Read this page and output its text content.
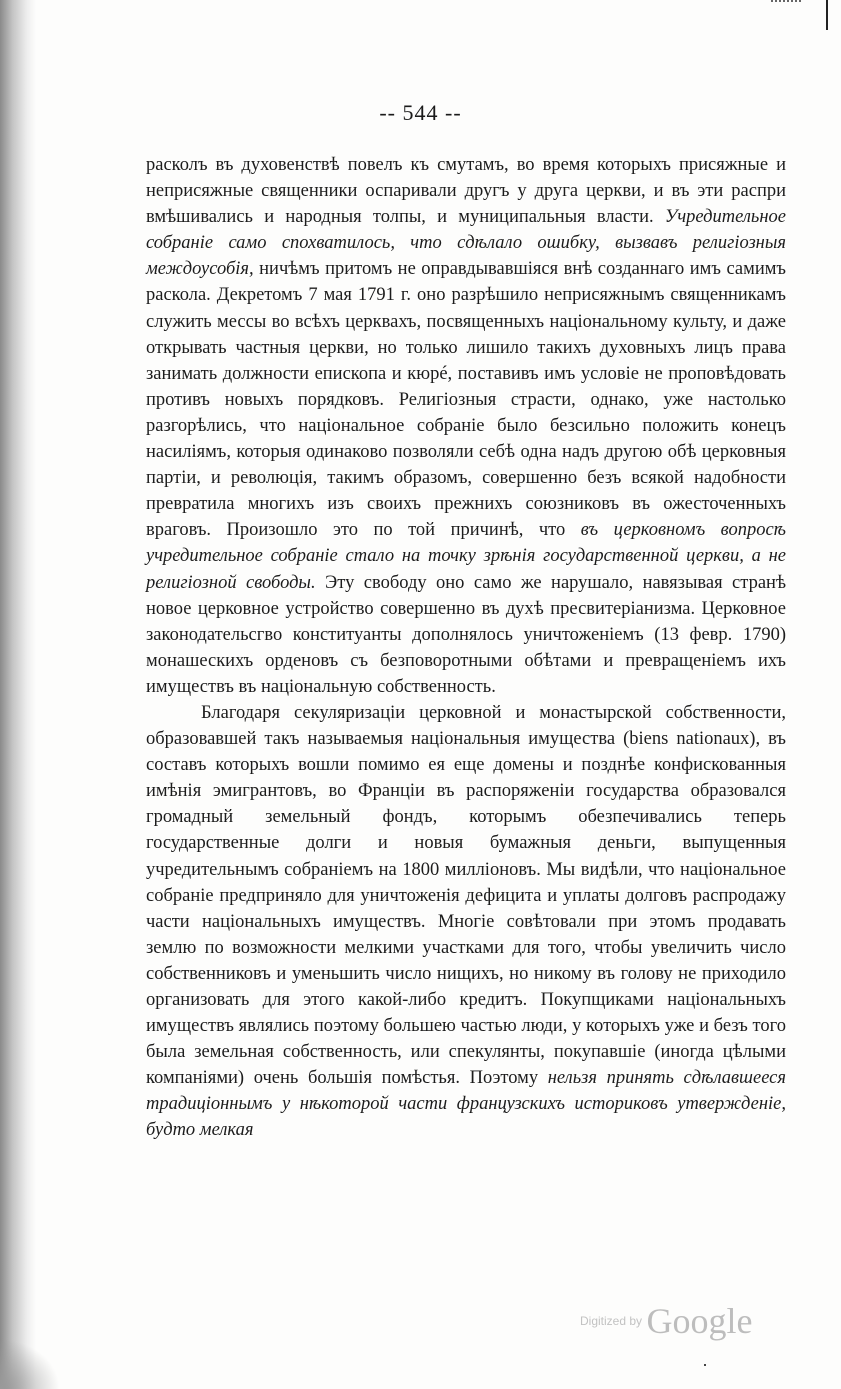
-- 544 --

расколъ въ духовенствѣ повелъ къ смутамъ, во время которыхъ присяжные и неприсяжные священники оспаривали другъ у друга церкви, и въ эти распри вмѣшивались и народныя толпы, и муниципальныя власти. Учредительное собраніе само спохватилось, что сдѣлало ошибку, вызвавъ религіозныя междоусобія, ничѣмъ притомъ не оправдывавшіяся внѣ созданнаго имъ самимъ раскола. Декретомъ 7 мая 1791 г. оно разрѣшило неприсяжнымъ священникамъ служить мессы во всѣхъ церквахъ, посвященныхъ національному культу, и даже открывать частныя церкви, но только лишило такихъ духовныхъ лицъ права занимать должности епископа и кюрé, поставивъ имъ условіе не проповѣдовать противъ новыхъ порядковъ. Религіозныя страсти, однако, уже настолько разгорѣлись, что національное собраніе было безсильно положить конецъ насиліямъ, которыя одинаково позволяли себѣ одна надъ другою обѣ церковныя партіи, и революція, такимъ образомъ, совершенно безъ всякой надобности превратила многихъ изъ своихъ прежнихъ союзниковъ въ ожесточенныхъ враговъ. Произошло это по той причинѣ, что въ церковномъ вопросѣ учредительное собраніе стало на точку зрѣнія государственной церкви, а не религіозной свободы. Эту свободу оно само же нарушало, навязывая странѣ новое церковное устройство совершенно въ духѣ пресвитеріанизма. Церковное законодательсгво конституанты дополнялось уничтоженіемъ (13 февр. 1790) монашескихъ орденовъ съ безповоротными обѣтами и превращеніемъ ихъ имуществъ въ національную собственность.

Благодаря секуляризаціи церковной и монастырской собственности, образовавшей такъ называемыя національныя имущества (biens nationaux), въ составъ которыхъ вошли помимо ея еще домены и позднѣе конфискованныя имѣнія эмигрантовъ, во Франціи въ распоряженіи государства образовался громадный земельный фондъ, которымъ обезпечивались теперь государственные долги и новыя бумажныя деньги, выпущенныя учредительнымъ собраніемъ на 1800 милліоновъ. Мы видѣли, что національное собраніе предприняло для уничтоженія дефицита и уплаты долговъ распродажу части національныхъ имуществъ. Многіе совѣтовали при этомъ продавать землю по возможности мелкими участками для того, чтобы увеличить число собственниковъ и уменьшить число нищихъ, но никому въ голову не приходило организовать для этого какой-либо кредитъ. Покупщиками національныхъ имуществъ являлись поэтому большею частью люди, у которыхъ уже и безъ того была земельная собственность, или спекулянты, покупавшіе (иногда цѣлыми компаніями) очень большія помѣстья. Поэтому нельзя принять сдѣлавшееся традиціоннымъ у нѣкоторой части французскихъ историковъ утвержденіе, будто мелкая

Digitized by Google
